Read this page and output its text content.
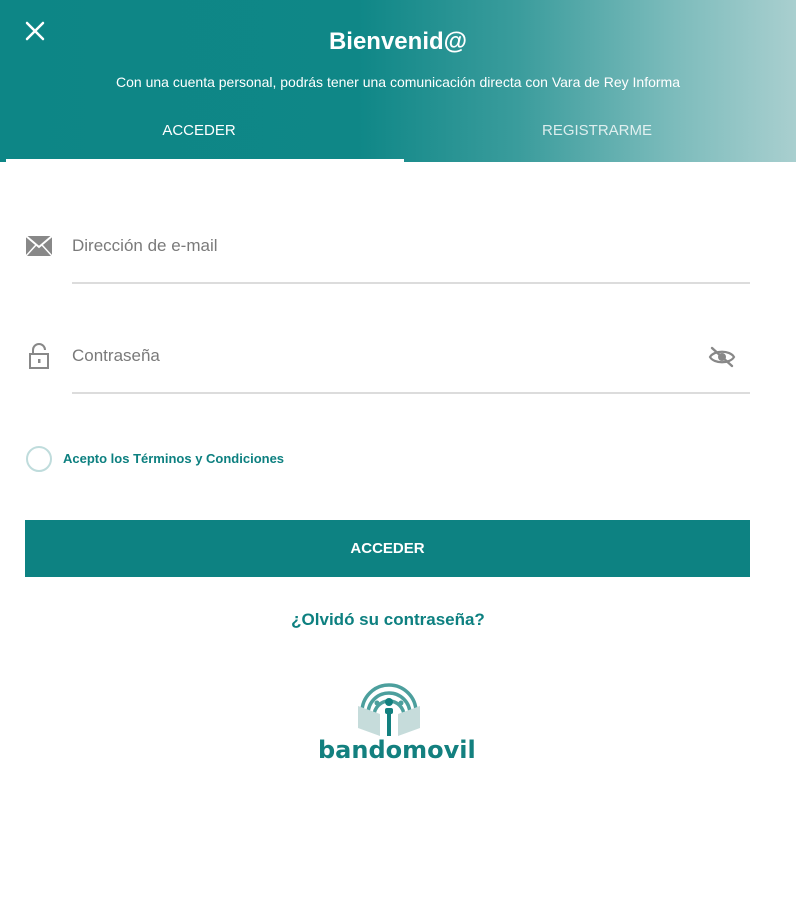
Bienvenid@
Con una cuenta personal, podrás tener una comunicación directa con Vara de Rey Informa
ACCEDER	REGISTRARME
Dirección de e-mail
Acepto los Términos y Condiciones
ACCEDER
¿Olvidó su contraseña?
bandomovil
